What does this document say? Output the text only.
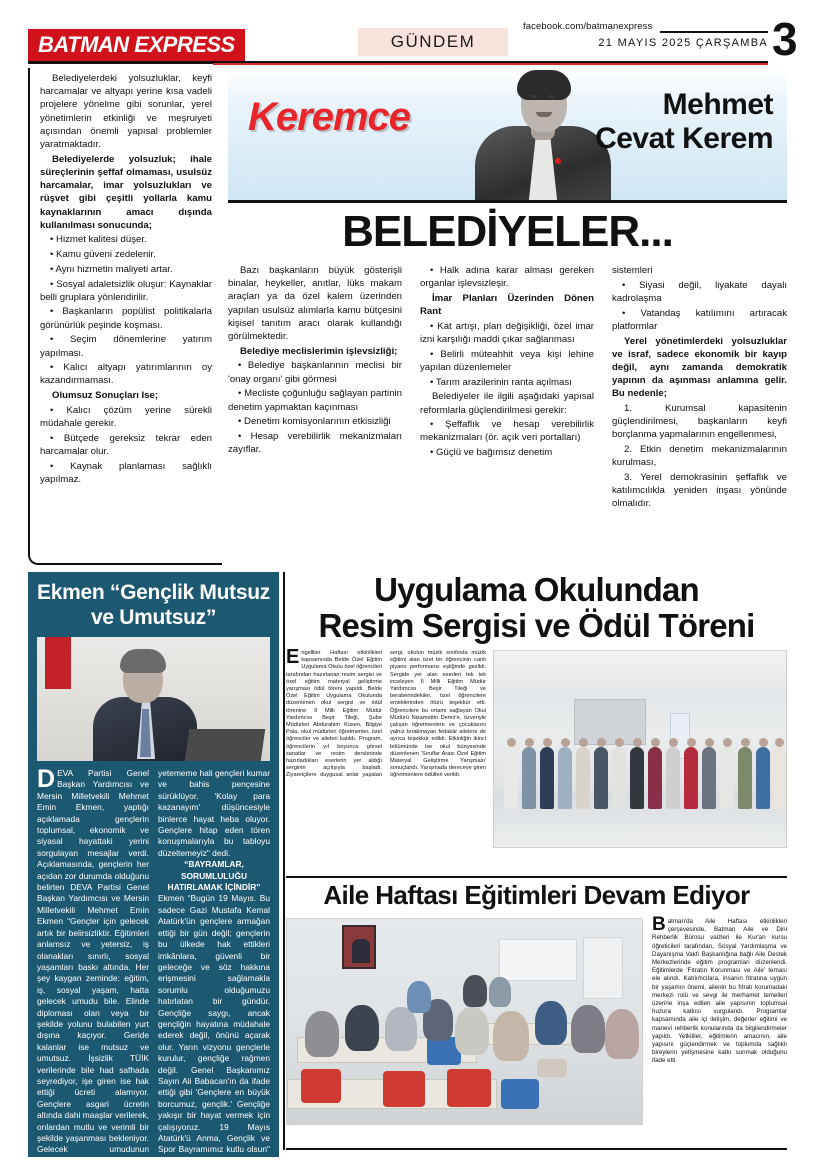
BATMAN EXPRESS	GÜNDEM
facebook.com/batmanexpress
21 MAYIS 2025 ÇARŞAMBA 3

Belediyelerdeki yolsuzluklar, keyfi harcamalar ve altyapı yerine kısa vadeli projelere yönelme gibi sorunlar, yerel yönetimlerin etkinliği ve meşruiyeti açısından önemli yapısal problemler yaratmaktadır.

Belediyelerde yolsuzluk; ihale süreçlerinin şeffaf olmaması, usulsüz harcamalar, imar yolsuzlukları ve rüşvet gibi çeşitli yollarla kamu kaynaklarının amacı dışında kullanılması sonucunda;

• Hizmet kalitesi düşer.

• Kamu güveni zedelenir.

• Aynı hizmetin maliyeti artar.

• Sosyal adaletsizlik oluşur: Kaynaklar belli gruplara yönlendirilir.

• Başkanların popülist politikalarla görünürlük peşinde koşması.

• Seçim dönemlerine yatırım yapılması.

• Kalıcı altyapı yatırımlarının oy kazandırmaması.

Olumsuz Sonuçları Ise;

• Kalıcı çözüm yerine sürekli müdahale gerekir.

• Bütçede gereksiz tekrar eden harcamalar olur.

• Kaynak planlaması sağlıklı yapılmaz.

Keremce	Mehmet
Cevat Kerem
BELEDİYELER...

Bazı başkanların büyük gösterişli binalar, heykeller, anıtlar, lüks makam araçları ya da özel kalem üzerinden yapılan usulsüz alımlarla kamu bütçesini kişisel tanıtım aracı olarak kullandığı görülmektedir.

Belediye meclislerimin işlevsizliği;

• Belediye başkanlarının meclisi bir 'onay organı' gibi görmesi

• Mecliste çoğunluğu sağlayan partinin denetim yapmaktan kaçınması

• Denetim komisyonlarının etkisizliği

• Hesap verebilirlik mekanizmaları zayıflar.

• Halk adına karar alması gereken organlar işlevsizleşir.

İmar Planları Üzerinden Dönen Rant

• Kat artışı, plan değişikliği, özel imar izni karşılığı maddi çıkar sağlanması

• Belirli müteahhit veya kişi lehine yapılan düzenlemeler

• Tarım arazilerinin ranta açılması

Belediyeler ile ilgili aşağıdaki yapısal reformlarla güçlendirilmesi gerekir:

• Şeffaflık ve hesap verebilirlik mekanizmaları (ör. açık veri portalları)

• Güçlü ve bağımsız denetim

sistemleri

• Siyasi değil, liyakate dayalı kadrolaşma

• Vatandaş katılımını artıracak platformlar

Yerel yönetimlerdeki yolsuzluklar ve israf, sadece ekonomik bir kayıp değil, aynı zamanda demokratik yapının da aşınması anlamına gelir. Bu nedenle;

1. Kurumsal kapasitenin güçlendirilmesi, başkanların keyfi borçlanma yapmalarının engellenmesi,

2. Etkin denetim mekanizmalarının kurulması,

3. Yerel demokrasinin şeffaflık ve katılımcılıkla yeniden inşası yönünde olmalıdır.

Ekmen “Gençlik Mutsuz ve Umutsuz”

DEVA Partisi Genel Başkan Yardımcısı ve Mersin Milletvekili Mehmet Emin Ekmen, yaptığı açıklamada gençlerin toplumsal, ekonomik ve siyasal hayattaki yerini sorgulayan mesajlar verdi. Açıklamasında, gençlerin her açıdan zor durumda olduğunu belirten DEVA Partisi Genel Başkan Yardımcısı ve Mersin Milletvekili Mehmet Emin Ekmen “Gençler için gelecek artık bir belirsizliktir. Eğitimleri anlamsız ve yetersiz, iş olanakları sınırlı, sosyal yaşamları baskı altında. Her şey kaygan zeminde: eğitim, iş, sosyal yaşam, hatta gelecek umudu bile. Elinde diploması olan veya bir şekilde yolunu bulabilen yurt dışına kaçıyor. Geride kalanlar ise mutsuz ve umutsuz. İşsizlik TÜİK verilerinde bile had safhada seyrediyor, işe giren ise hak ettiği ücreti alamıyor. Gençlere asgari ücretin altında dahi maaşlar verilerek, onlardan mutlu ve verimli bir şekilde yaşanması bekleniyor. Gelecek umudunun olmaması, kendi kendine yetememe hali gençleri kumar ve bahis pençesine sürüklüyor. 'Kolay para kazanayım' düşüncesiyle binlerce hayat heba oluyor. Gençlere hitap eden tören konuşmalarıyla bu tabloyu düzeltemeyiz" dedi.

“BAYRAMLAR, SORUMLULUĞU HATIRLAMAK İÇİNDİR”

Ekmen “Bugün 19 Mayıs. Bu sadece Gazi Mustafa Kemal Atatürk'ün gençlere armağan ettiği bir gün değil; gençlerin bu ülkede hak ettikleri imkânlara, güvenli bir geleceğe ve söz hakkına erişmesini sağlamakla sorumlu olduğumuzu hatırlatan bir gündür. Gençliğe saygı, ancak gençliğin hayatına müdahale ederek değil, önünü açarak olur. Yarın vizyonu gençlerle kurulur, gençliğe rağmen değil. Genel Başkanımız Sayın Ali Babacan'ın da ifade ettiği gibi 'Gençlere en büyük borcumuz, gençlik.' Gençliğe yakışır bir hayat vermek için çalışıyoruz. 19 Mayıs Atatürk'ü Anma, Gençlik ve Spor Bayramımız kutlu olsun" ifadelerini kullandı.

Uygulama Okulundan
Resim Sergisi ve Ödül Töreni

Engelliler Haftası etkinlikleri kapsamında Belde Özel Eğitim Uygulama Okulu özel öğrencileri tarafından hazırlanan resim sergisi ve özel eğitim materyal geliştirme yarışması ödül töreni yapıldı. Belde Özel Eğitim Uygulama Okulunda düzenlenen okul sergisi ve ödül törenine İl Milli Eğitim Müdür Yardımcısı Beşir Tileği, Şube Müdürleri Abdurahim Kusen, Bilgiye Pala, okul müdürleri öğretmenler, özel öğrenciler ve aileleri katıldı. Program, öğrencilerin yıl boyunca görsel sanatlar ve resim derslerinde hazırladıkları eserlerin yer aldığı serginin açılışıyla başladı. Ziyaretçilere duygusal anlar yaşatan sergi, okulun müzik sınıfında müzik eğitimi alan özel bir öğrencinin canlı piyano performansı eşliğinde gezildi. Sergide yer alan eserleri tek tek inceleyen İl Milli Eğitim Müdür Yardımcısı Beşir Tileği ve beraberindekiler, özel öğrencilere emeklerinden ötürü teşekkür etti. Öğrencilere bu ortamı sağlayan Okul Müdürü Nizamettin Demir'e, özveriyle çalışan öğretmenlere ve çocuklarını yalnız bırakmayan fedakâr ailelere de ayrıca teşekkür edildi. Etkinliğin ikinci bölümünde ise okul bünyesinde düzenlenen 'Sınıflar Arası Özel Eğitim Materyal Geliştirme Yarışması' sonuçlandı. Yarışmada dereceye giren öğretmenlere ödülleri verildi.

Aile Haftası Eğitimleri Devam Ediyor

Batman'da Aile Haftası etkinlikleri çerçevesinde, Batman Aile ve Dini Rehberlik Bürosu vaizleri ile Kur'an kursu öğreticileri tarafından, Sosyal Yardımlaşma ve Dayanışma Vakfı Başkanlığına bağlı Aile Destek Merkezlerinde eğitim programları düzenlendi. Eğitimlerde 'Fıtratın Korunması ve Aile' teması ele alındı. Katılımcılara, insanın fıtratına uygun bir yaşamın önemi, ailenin bu fıtratı korumadaki merkezi rolü ve sevgi ile merhamet temelleri üzerine inşa edilen aile yapısının toplumsal huzura katkısı vurgulandı. Programlar kapsamında aile içi iletişim, değerler eğitimi ve manevi rehberlik konularında da bilgilendirmeler yapıldı. Yetkililer, eğitimlerin amacının, aile yapısını güçlendirmek ve toplumda sağlıklı bireylerin yetişmesine katkı sunmak olduğunu ifade etti.
